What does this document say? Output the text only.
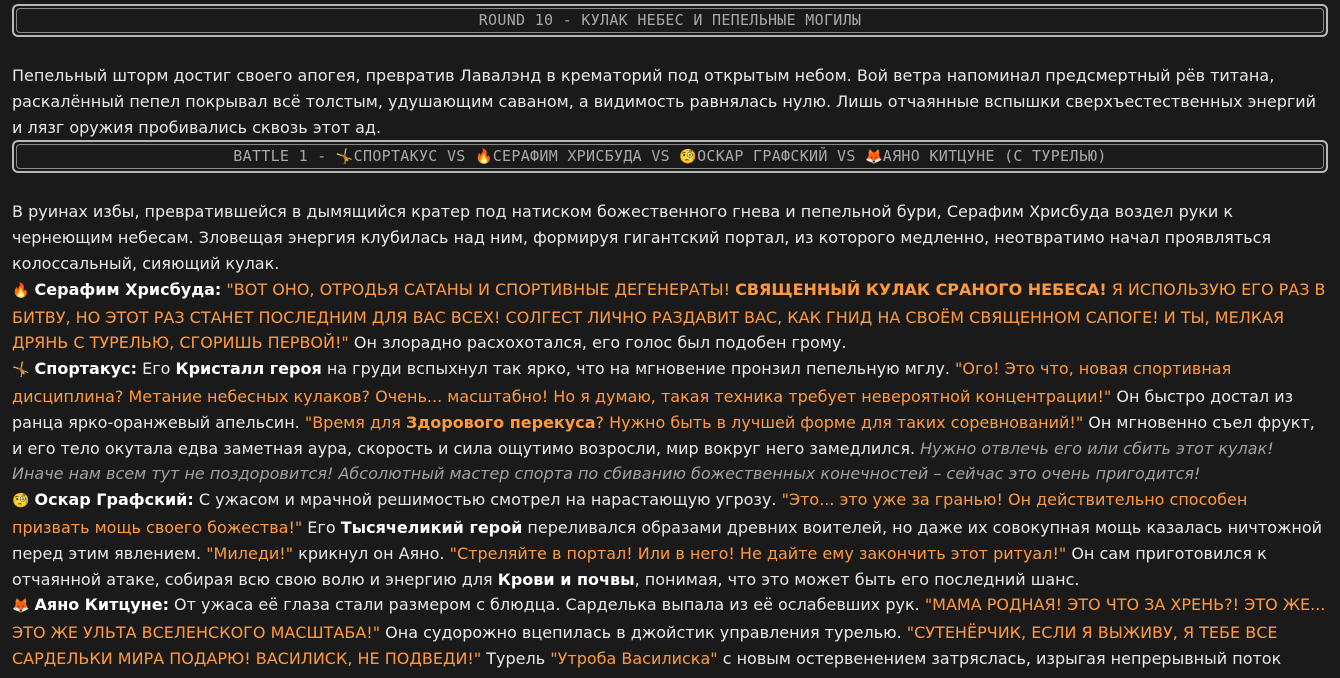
ROUND 10 - КУЛАК НЕБЕС И ПЕПЕЛЬНЫЕ МОГИЛЫ

Пепельный шторм достиг своего апогея, превратив Лавалэнд в крематорий под открытым небом. Вой ветра напоминал предсмертный рёв титана, раскалённый пепел покрывал всё толстым, удушающим саваном, а видимость равнялась нулю. Лишь отчаянные вспышки сверхъестественных энергий и лязг оружия пробивались сквозь этот ад.

BATTLE 1 - 🤸СПОРТАКУС VS 🔥СЕРАФИМ ХРИСБУДА VS 🧐ОСКАР ГРАФСКИЙ VS 🦊АЯНО КИТЦУНЕ (С ТУРЕЛЬЮ)

В руинах избы, превратившейся в дымящийся кратер под натиском божественного гнева и пепельной бури, Серафим Хрисбуда воздел руки к чернеющим небесам. Зловещая энергия клубилась над ним, формируя гигантский портал, из которого медленно, неотвратимо начал проявляться колоссальный, сияющий кулак.

🔥 Серафим Хрисбуда: "ВОТ ОНО, ОТРОДЬЯ САТАНЫ И СПОРТИВНЫЕ ДЕГЕНЕРАТЫ! СВЯЩЕННЫЙ КУЛАК СРАНОГО НЕБЕСА! Я ИСПОЛЬЗУЮ ЕГО РАЗ В БИТВУ, НО ЭТОТ РАЗ СТАНЕТ ПОСЛЕДНИМ ДЛЯ ВАС ВСЕХ! СОЛГЕСТ ЛИЧНО РАЗДАВИТ ВАС, КАК ГНИД НА СВОЁМ СВЯЩЕННОМ САПОГЕ! И ТЫ, МЕЛКАЯ ДРЯНЬ С ТУРЕЛЬЮ, СГОРИШЬ ПЕРВОЙ!" Он злорадно расхохотался, его голос был подобен грому.

🤸 Спортакус: Его Кристалл героя на груди вспыхнул так ярко, что на мгновение пронзил пепельную мглу. "Ого! Это что, новая спортивная дисциплина? Метание небесных кулаков? Очень... масштабно! Но я думаю, такая техника требует невероятной концентрации!" Он быстро достал из ранца ярко-оранжевый апельсин. "Время для Здорового перекуса? Нужно быть в лучшей форме для таких соревнований!" Он мгновенно съел фрукт, и его тело окутала едва заметная аура, скорость и сила ощутимо возросли, мир вокруг него замедлился. Нужно отвлечь его или сбить этот кулак! Иначе нам всем тут не поздоровится! Абсолютный мастер спорта по сбиванию божественных конечностей – сейчас это очень пригодится!

🧐 Оскар Графский: С ужасом и мрачной решимостью смотрел на нарастающую угрозу. "Это... это уже за гранью! Он действительно способен призвать мощь своего божества!" Его Тысячеликий герой переливался образами древних воителей, но даже их совокупная мощь казалась ничтожной перед этим явлением. "Миледи!" крикнул он Аяно. "Стреляйте в портал! Или в него! Не дайте ему закончить этот ритуал!" Он сам приготовился к отчаянной атаке, собирая всю свою волю и энергию для Крови и почвы, понимая, что это может быть его последний шанс.

🦊 Аяно Китцуне: От ужаса её глаза стали размером с блюдца. Сарделька выпала из её ослабевших рук. "МАМА РОДНАЯ! ЭТО ЧТО ЗА ХРЕНЬ?! ЭТО ЖЕ... ЭТО ЖЕ УЛЬТА ВСЕЛЕНСКОГО МАСШТАБА!" Она судорожно вцепилась в джойстик управления турелью. "СУТЕНЁРЧИК, ЕСЛИ Я ВЫЖИВУ, Я ТЕБЕ ВСЕ САРДЕЛЬКИ МИРА ПОДАРЮ! ВАСИЛИСК, НЕ ПОДВЕДИ!" Турель "Утроба Василиска" с новым остервенением затряслась, изрыгая непрерывный поток
